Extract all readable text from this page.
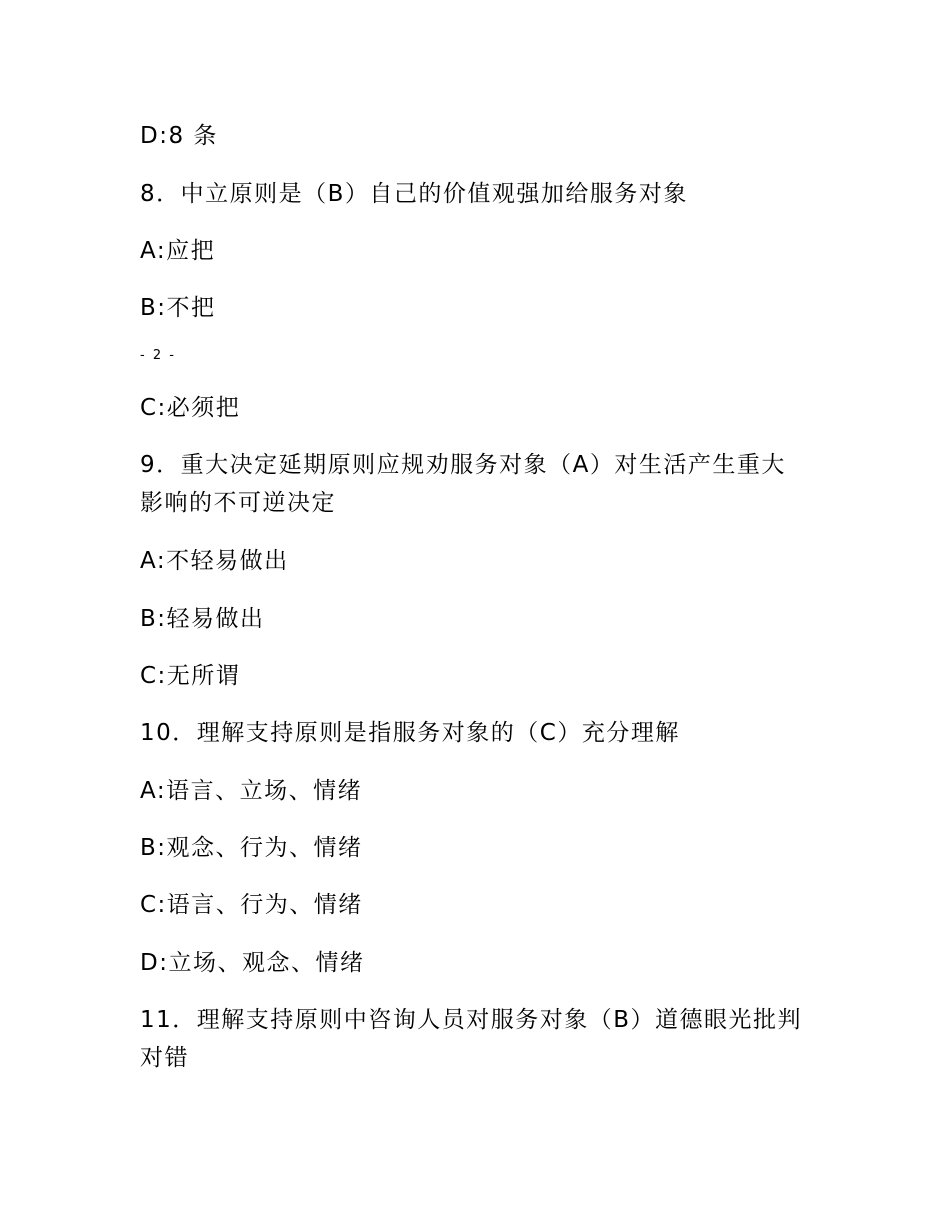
D:8 条

8．中立原则是（B）自己的价值观强加给服务对象

A:应把

B:不把

- 2 -

C:必须把

9．重大决定延期原则应规劝服务对象（A）对生活产生重大影响的不可逆决定

A:不轻易做出

B:轻易做出

C:无所谓

10．理解支持原则是指服务对象的（C）充分理解

A:语言、立场、情绪

B:观念、行为、情绪

C:语言、行为、情绪

D:立场、观念、情绪

11．理解支持原则中咨询人员对服务对象（B）道德眼光批判对错
